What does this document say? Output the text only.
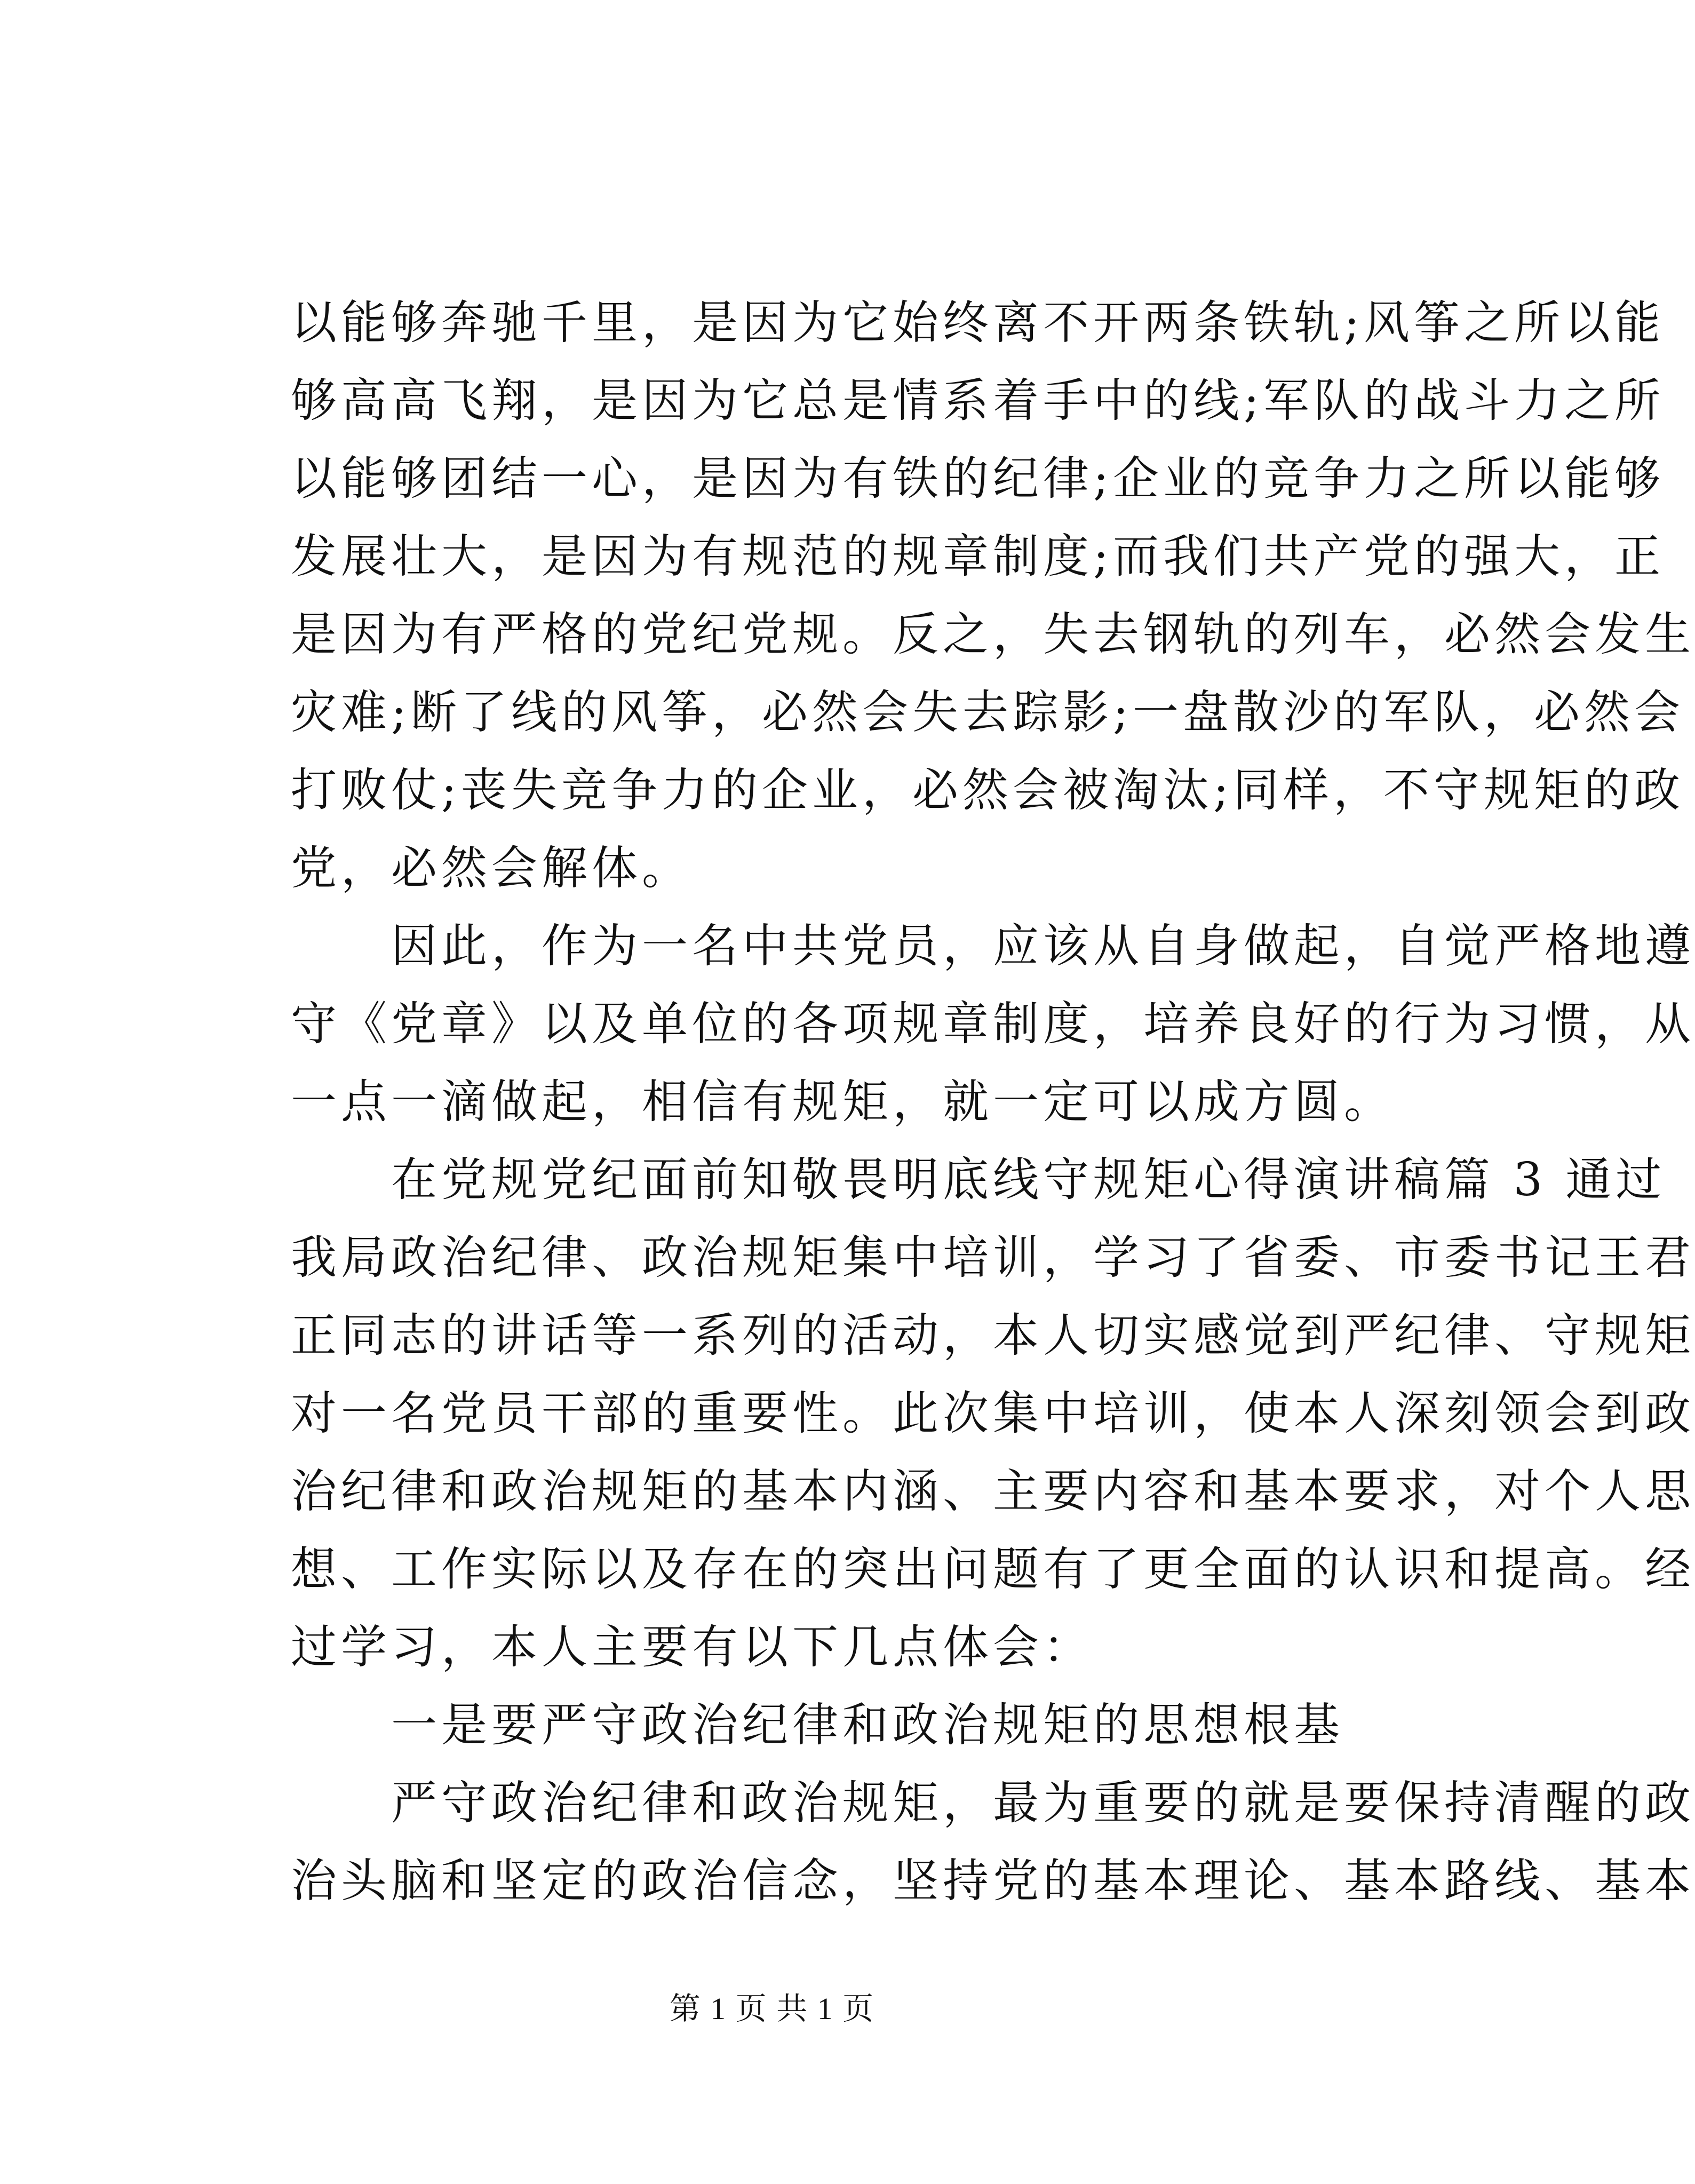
以能够奔驰千里，是因为它始终离不开两条铁轨;风筝之所以能
够高高飞翔，是因为它总是情系着手中的线;军队的战斗力之所
以能够团结一心，是因为有铁的纪律;企业的竞争力之所以能够
发展壮大，是因为有规范的规章制度;而我们共产党的强大，正
是因为有严格的党纪党规。反之，失去钢轨的列车，必然会发生
灾难;断了线的风筝，必然会失去踪影;一盘散沙的军队，必然会
打败仗;丧失竞争力的企业，必然会被淘汰;同样，不守规矩的政
党，必然会解体。
　　因此，作为一名中共党员，应该从自身做起，自觉严格地遵
守《党章》以及单位的各项规章制度，培养良好的行为习惯，从
一点一滴做起，相信有规矩，就一定可以成方圆。
　　在党规党纪面前知敬畏明底线守规矩心得演讲稿篇 3 通过
我局政治纪律、政治规矩集中培训，学习了省委、市委书记王君
正同志的讲话等一系列的活动，本人切实感觉到严纪律、守规矩
对一名党员干部的重要性。此次集中培训，使本人深刻领会到政
治纪律和政治规矩的基本内涵、主要内容和基本要求，对个人思
想、工作实际以及存在的突出问题有了更全面的认识和提高。经
过学习，本人主要有以下几点体会：
　　一是要严守政治纪律和政治规矩的思想根基
　　严守政治纪律和政治规矩，最为重要的就是要保持清醒的政
治头脑和坚定的政治信念，坚持党的基本理论、基本路线、基本
第 1 页 共 1 页
